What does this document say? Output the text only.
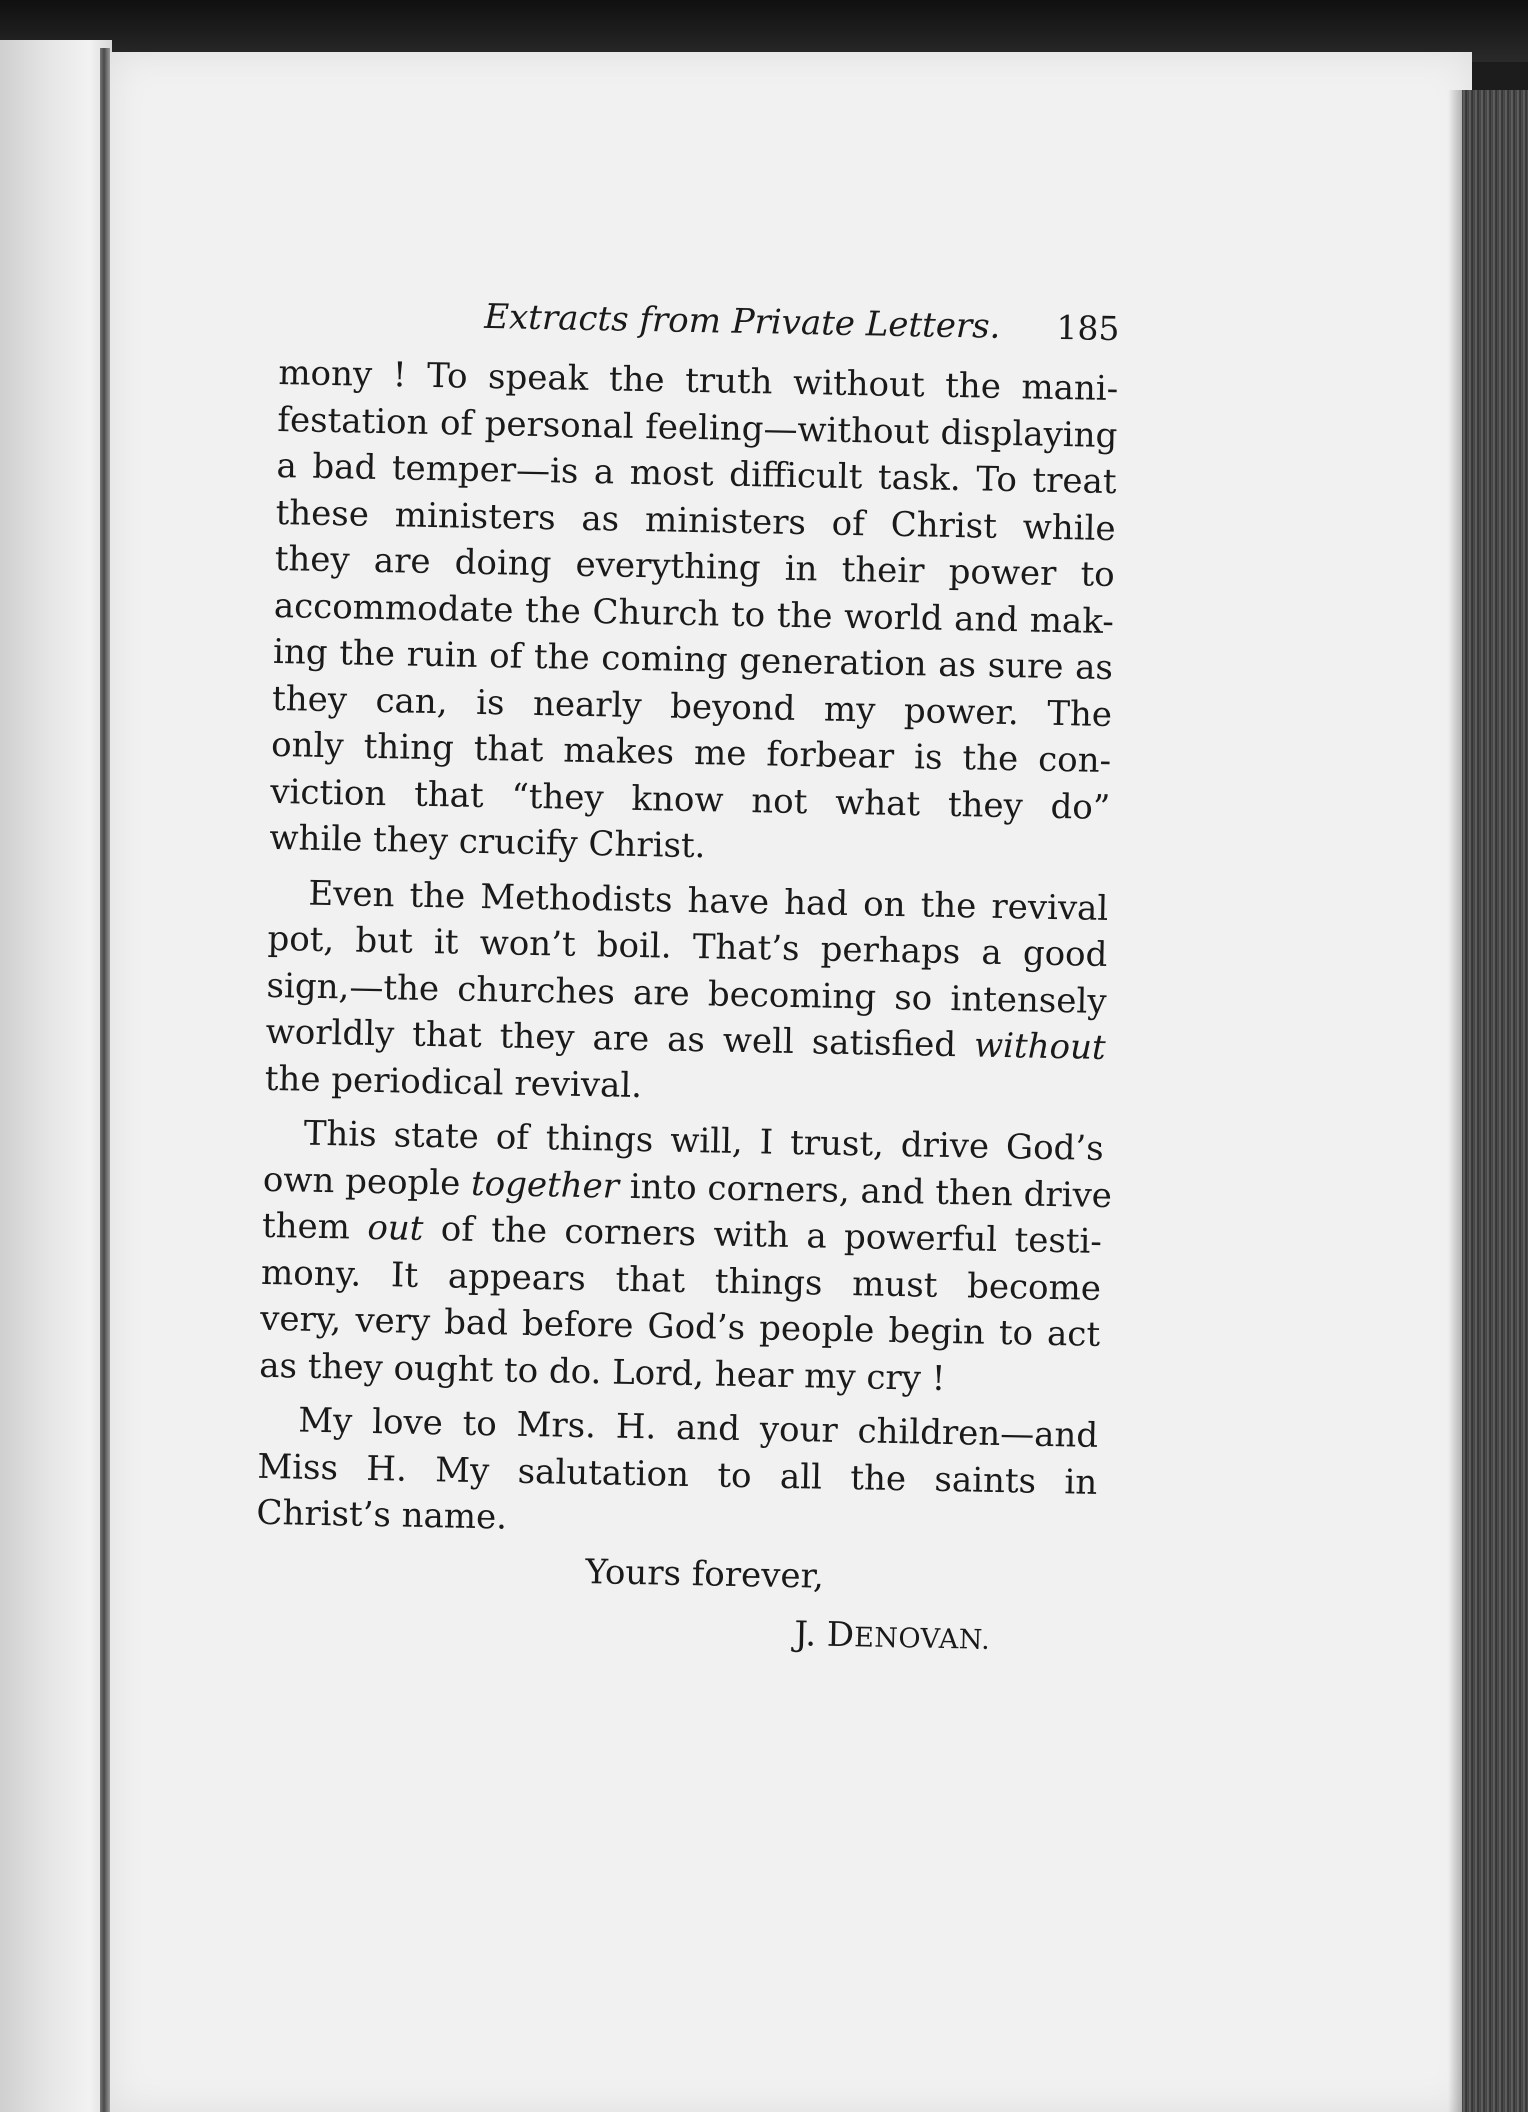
Extracts from Private Letters. 185
mony ! To speak the truth without the mani-
festation of personal feeling—without displaying
a bad temper—is a most difficult task. To treat
these ministers as ministers of Christ while
they are doing everything in their power to
accommodate the Church to the world and mak-
ing the ruin of the coming generation as sure as
they can, is nearly beyond my power. The
only thing that makes me forbear is the con-
viction that “they know not what they do”
while they crucify Christ.
Even the Methodists have had on the revival
pot, but it won’t boil. That’s perhaps a good
sign,—the churches are becoming so intensely
worldly that they are as well satisfied without
the periodical revival.
This state of things will, I trust, drive God’s
own people together into corners, and then drive
them out of the corners with a powerful testi-
mony. It appears that things must become
very, very bad before God’s people begin to act
as they ought to do. Lord, hear my cry !
My love to Mrs. H. and your children—and
Miss H. My salutation to all the saints in
Christ’s name.
Yours forever,
J. DENOVAN.
